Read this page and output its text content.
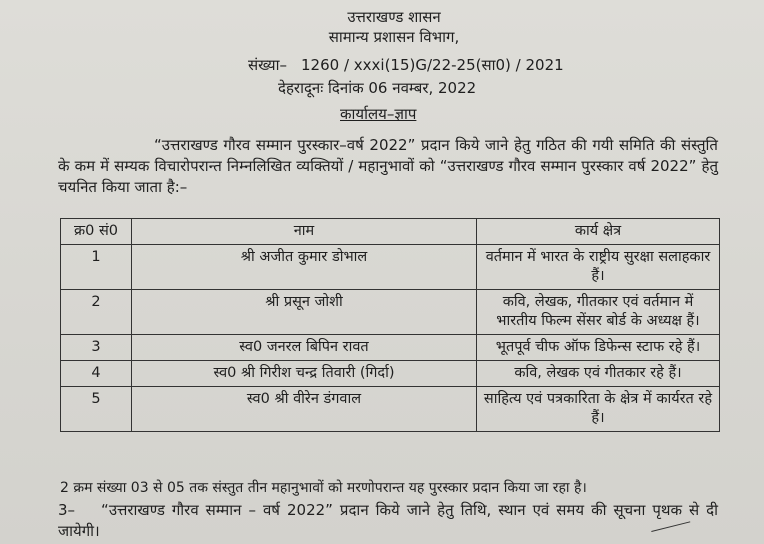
उत्तराखण्ड शासन
सामान्य प्रशासन विभाग,
संख्या– 1260 / xxxi(15)G/22-25(सा0) / 2021
देहरादूनः दिनांक 06 नवम्बर, 2022
कार्यालय–ज्ञाप
“उत्तराखण्ड गौरव सम्मान पुरस्कार–वर्ष 2022” प्रदान किये जाने हेतु गठित की गयी समिति की संस्तुति के कम में सम्यक विचारोपरान्त निम्नलिखित व्यक्तियों / महानुभावों को “उत्तराखण्ड गौरव सम्मान पुरस्कार वर्ष 2022” हेतु चयनित किया जाता है:–
क्र0 सं0	नाम	कार्य क्षेत्र
1	श्री अजीत कुमार डोभाल	वर्तमान में भारत के राष्ट्रीय सुरक्षा सलाहकार हैं।
2	श्री प्रसून जोशी	कवि, लेखक, गीतकार एवं वर्तमान में भारतीय फिल्म सेंसर बोर्ड के अध्यक्ष हैं।
3	स्व0 जनरल बिपिन रावत	भूतपूर्व चीफ ऑफ डिफेन्स स्टाफ रहे हैं।
4	स्व0 श्री गिरीश चन्द्र तिवारी (गिर्दा)	कवि, लेखक एवं गीतकार रहे हैं।
5	स्व0 श्री वीरेन डंगवाल	साहित्य एवं पत्रकारिता के क्षेत्र में कार्यरत रहे हैं।
2 क्रम संख्या 03 से 05 तक संस्तुत तीन महानुभावों को मरणोपरान्त यह पुरस्कार प्रदान किया जा रहा है।
3– “उत्तराखण्ड गौरव सम्मान – वर्ष 2022” प्रदान किये जाने हेतु तिथि, स्थान एवं समय की सूचना पृथक से दी जायेगी।
